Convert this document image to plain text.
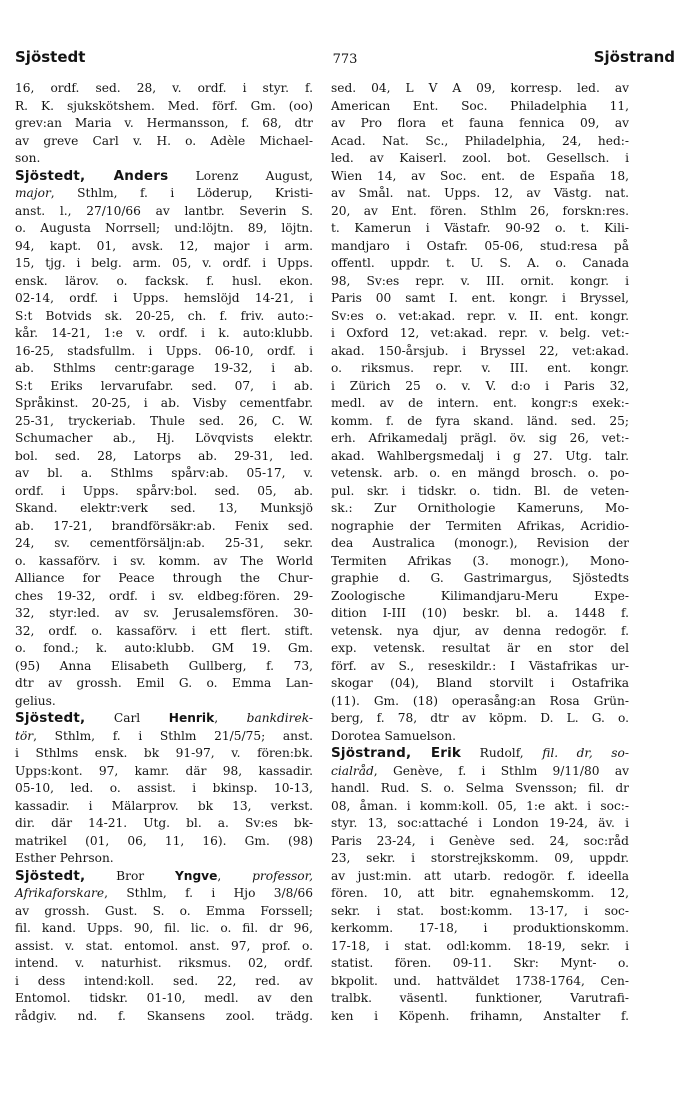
Sjöstedt	773	Sjöstrand
16, ordf. sed. 28, v. ordf. i styr. f.
R. K. sjukskötshem. Med. förf. Gm. (oo)
grev:an Maria v. Hermansson, f. 68, dtr
av greve Carl v. H. o. Adèle Michael-
son.
Sjöstedt, Anders Lorenz August,
major, Sthlm, f. i Löderup, Kristi-
anst. l., 27/10/66 av lantbr. Severin S.
o. Augusta Norrsell; und:löjtn. 89, löjtn.
94, kapt. 01, avsk. 12, major i arm.
15, tjg. i belg. arm. 05, v. ordf. i Upps.
ensk. lärov. o. facksk. f. husl. ekon.
02-14, ordf. i Upps. hemslöjd 14-21, i
S:t Botvids sk. 20-25, ch. f. friv. auto:-
kår. 14-21, 1:e v. ordf. i k. auto:klubb.
16-25, stadsfullm. i Upps. 06-10, ordf. i
ab. Sthlms centr:garage 19-32, i ab.
S:t Eriks lervarufabr. sed. 07, i ab.
Språkinst. 20-25, i ab. Visby cementfabr.
25-31, tryckeriab. Thule sed. 26, C. W.
Schumacher ab., Hj. Lövqvists elektr.
bol. sed. 28, Latorps ab. 29-31, led.
av bl. a. Sthlms spårv:ab. 05-17, v.
ordf. i Upps. spårv:bol. sed. 05, ab.
Skand. elektr:verk sed. 13, Munksjö
ab. 17-21, brandförsäkr:ab. Fenix sed.
24, sv. cementförsäljn:ab. 25-31, sekr.
o. kassaförv. i sv. komm. av The World
Alliance for Peace through the Chur-
ches 19-32, ordf. i sv. eldbeg:fören. 29-
32, styr:led. av sv. Jerusalemsfören. 30-
32, ordf. o. kassaförv. i ett flert. stift.
o. fond.; k. auto:klubb. GM 19. Gm.
(95) Anna Elisabeth Gullberg, f. 73,
dtr av grossh. Emil G. o. Emma Lan-
gelius.
Sjöstedt, Carl Henrik, bankdirek-
tör, Sthlm, f. i Sthlm 21/5/75; anst.
i Sthlms ensk. bk 91-97, v. fören:bk.
Upps:kont. 97, kamr. där 98, kassadir.
05-10, led. o. assist. i bkinsp. 10-13,
kassadir. i Mälarprov. bk 13, verkst.
dir. där 14-21. Utg. bl. a. Sv:es bk-
matrikel (01, 06, 11, 16). Gm. (98)
Esther Pehrson.
Sjöstedt, Bror Yngve, professor,
Afrikaforskare, Sthlm, f. i Hjo 3/8/66
av grossh. Gust. S. o. Emma Forssell;
fil. kand. Upps. 90, fil. lic. o. fil. dr 96,
assist. v. stat. entomol. anst. 97, prof. o.
intend. v. naturhist. riksmus. 02, ordf.
i dess intend:koll. sed. 22, red. av
Entomol. tidskr. 01-10, medl. av den
rådgiv. nd. f. Skansens zool. trädg.
sed. 04, L V A 09, korresp. led. av
American Ent. Soc. Philadelphia 11,
av Pro flora et fauna fennica 09, av
Acad. Nat. Sc., Philadelphia, 24, hed:-
led. av Kaiserl. zool. bot. Gesellsch. i
Wien 14, av Soc. ent. de España 18,
av Smål. nat. Upps. 12, av Västg. nat.
20, av Ent. fören. Sthlm 26, forskn:res.
t. Kamerun i Västafr. 90-92 o. t. Kili-
mandjaro i Ostafr. 05-06, stud:resa på
offentl. uppdr. t. U. S. A. o. Canada
98, Sv:es repr. v. III. ornit. kongr. i
Paris 00 samt I. ent. kongr. i Bryssel,
Sv:es o. vet:akad. repr. v. II. ent. kongr.
i Oxford 12, vet:akad. repr. v. belg. vet:-
akad. 150-årsjub. i Bryssel 22, vet:akad.
o. riksmus. repr. v. III. ent. kongr.
i Zürich 25 o. v. V. d:o i Paris 32,
medl. av de intern. ent. kongr:s exek:-
komm. f. de fyra skand. länd. sed. 25;
erh. Afrikamedalj prägl. öv. sig 26, vet:-
akad. Wahlbergsmedalj i g 27. Utg. talr.
vetensk. arb. o. en mängd brosch. o. po-
pul. skr. i tidskr. o. tidn. Bl. de veten-
sk.: Zur Ornithologie Kameruns, Mo-
nographie der Termiten Afrikas, Acridio-
dea Australica (monogr.), Revision der
Termiten Afrikas (3. monogr.), Mono-
graphie d. G. Gastrimargus, Sjöstedts
Zoologische Kilimandjaru-Meru Expe-
dition I-III (10) beskr. bl. a. 1448 f.
vetensk. nya djur, av denna redogör. f.
exp. vetensk. resultat är en stor del
förf. av S., reseskildr.: I Västafrikas ur-
skogar (04), Bland storvilt i Ostafrika
(11). Gm. (18) operasång:an Rosa Grün-
berg, f. 78, dtr av köpm. D. L. G. o.
Dorotea Samuelson.
Sjöstrand, Erik Rudolf, fil. dr, so-
cialråd, Genève, f. i Sthlm 9/11/80 av
handl. Rud. S. o. Selma Svensson; fil. dr
08, åman. i komm:koll. 05, 1:e akt. i soc:-
styr. 13, soc:attaché i London 19-24, äv. i
Paris 23-24, i Genève sed. 24, soc:råd
23, sekr. i storstrejkskomm. 09, uppdr.
av just:min. att utarb. redogör. f. ideella
fören. 10, att bitr. egnahemskomm. 12,
sekr. i stat. bost:komm. 13-17, i soc-
kerkomm. 17-18, i produktionskomm.
17-18, i stat. odl:komm. 18-19, sekr. i
statist. fören. 09-11. Skr: Mynt- o.
bkpolit. und. hattväldet 1738-1764, Cen-
tralbk. väsentl. funktioner, Varutrafi-
ken i Köpenh. frihamn, Anstalter f.
